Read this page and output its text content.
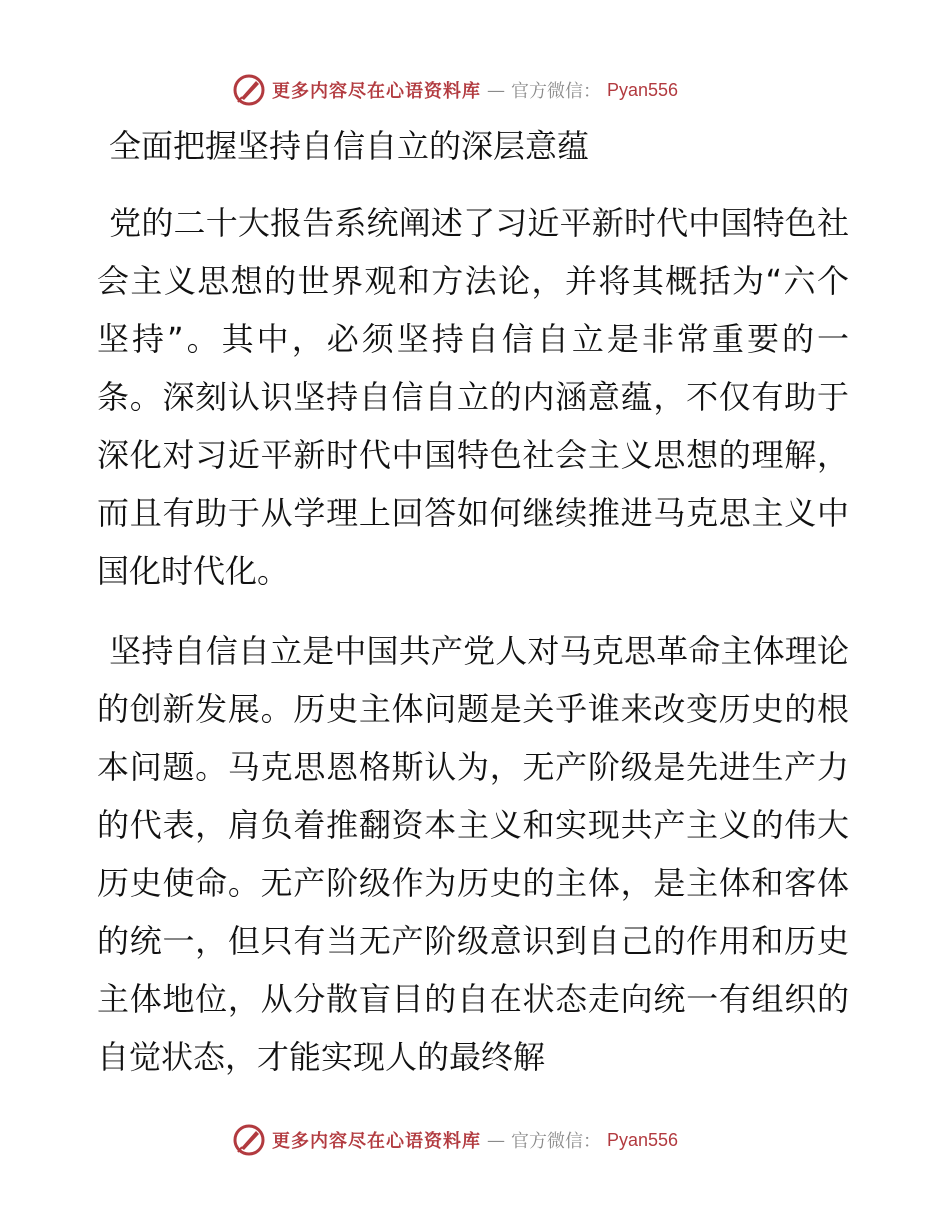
更多内容尽在心语资料库 — 官方微信： Pyan556
全面把握坚持自信自立的深层意蕴

党的二十大报告系统阐述了习近平新时代中国特色社会主义思想的世界观和方法论，并将其概括为“六个坚持”。其中，必须坚持自信自立是非常重要的一条。深刻认识坚持自信自立的内涵意蕴，不仅有助于深化对习近平新时代中国特色社会主义思想的理解，而且有助于从学理上回答如何继续推进马克思主义中国化时代化。

坚持自信自立是中国共产党人对马克思革命主体理论的创新发展。历史主体问题是关乎谁来改变历史的根本问题。马克思恩格斯认为，无产阶级是先进生产力的代表，肩负着推翻资本主义和实现共产主义的伟大历史使命。无产阶级作为历史的主体，是主体和客体的统一，但只有当无产阶级意识到自己的作用和历史主体地位，从分散盲目的自在状态走向统一有组织的自觉状态，才能实现人的最终解

更多内容尽在心语资料库 — 官方微信： Pyan556
